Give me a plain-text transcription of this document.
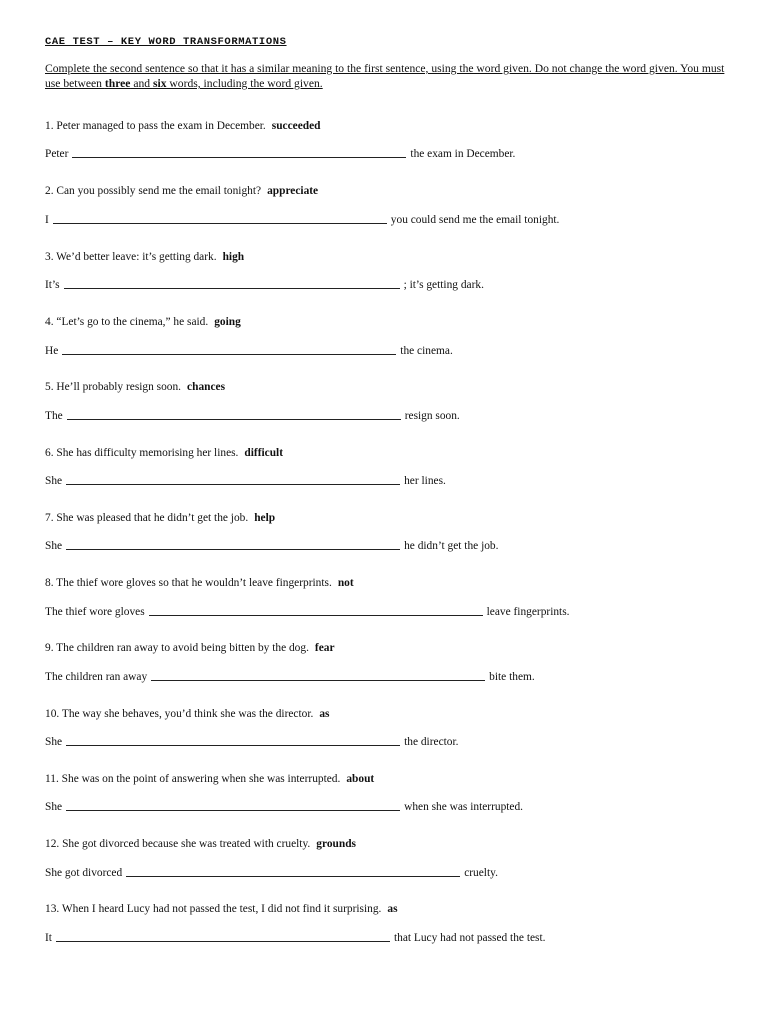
CAE TEST – KEY WORD TRANSFORMATIONS
Complete the second sentence so that it has a similar meaning to the first sentence, using the word given. Do not change the word given. You must use between three and six words, including the word given.
1. Peter managed to pass the exam in December. succeeded
Peter	the exam in December.
2. Can you possibly send me the email tonight? appreciate
I	you could send me the email tonight.
3. We’d better leave: it’s getting dark. high
It’s	; it’s getting dark.
4. “Let’s go to the cinema,” he said. going
He	the cinema.
5. He’ll probably resign soon. chances
The	resign soon.
6. She has difficulty memorising her lines. difficult
She	her lines.
7. She was pleased that he didn’t get the job. help
She	he didn’t get the job.
8. The thief wore gloves so that he wouldn’t leave fingerprints. not
The thief wore gloves	leave fingerprints.
9. The children ran away to avoid being bitten by the dog. fear
The children ran away	bite them.
10. The way she behaves, you’d think she was the director. as
She	the director.
11. She was on the point of answering when she was interrupted. about
She	when she was interrupted.
12. She got divorced because she was treated with cruelty. grounds
She got divorced	cruelty.
13. When I heard Lucy had not passed the test, I did not find it surprising. as
It	that Lucy had not passed the test.
